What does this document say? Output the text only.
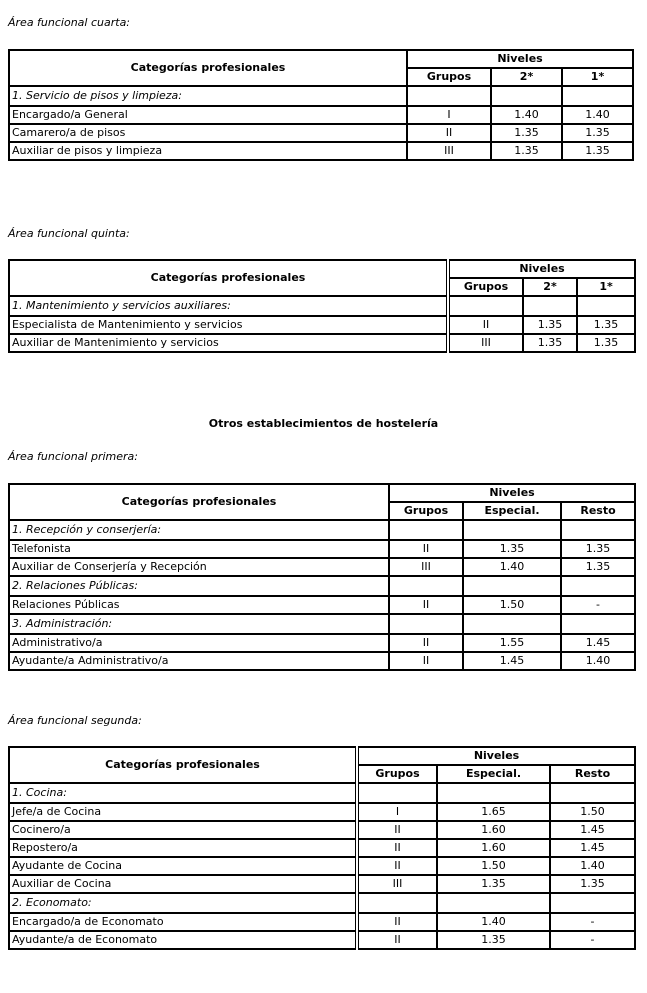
Área funcional cuarta:
Categorías profesionales	Niveles		
	Grupos	2*	1*
1. Servicio de pisos y limpieza:			
Encargado/a General	I	1.40	1.40
Camarero/a de pisos	II	1.35	1.35
Auxiliar de pisos y limpieza	III	1.35	1.35
Área funcional quinta:
Categorías profesionales	Niveles		
	Grupos	2*	1*
1. Mantenimiento y servicios auxiliares:			
Especialista de Mantenimiento y servicios	II	1.35	1.35
Auxiliar de Mantenimiento y servicios	III	1.35	1.35
Otros establecimientos de hostelería
Área funcional primera:
Categorías profesionales	Niveles		
	Grupos	Especial.	Resto
1. Recepción y conserjería:			
Telefonista	II	1.35	1.35
Auxiliar de Conserjería y Recepción	III	1.40	1.35
2. Relaciones Públicas:			
Relaciones Públicas	II	1.50	-
3. Administración:			
Administrativo/a	II	1.55	1.45
Ayudante/a Administrativo/a	II	1.45	1.40
Área funcional segunda:
Categorías profesionales	Niveles		
	Grupos	Especial.	Resto
1. Cocina:			
Jefe/a de Cocina	I	1.65	1.50
Cocinero/a	II	1.60	1.45
Repostero/a	II	1.60	1.45
Ayudante de Cocina	II	1.50	1.40
Auxiliar de Cocina	III	1.35	1.35
2. Economato:			
Encargado/a de Economato	II	1.40	-
Ayudante/a de Economato	II	1.35	-
